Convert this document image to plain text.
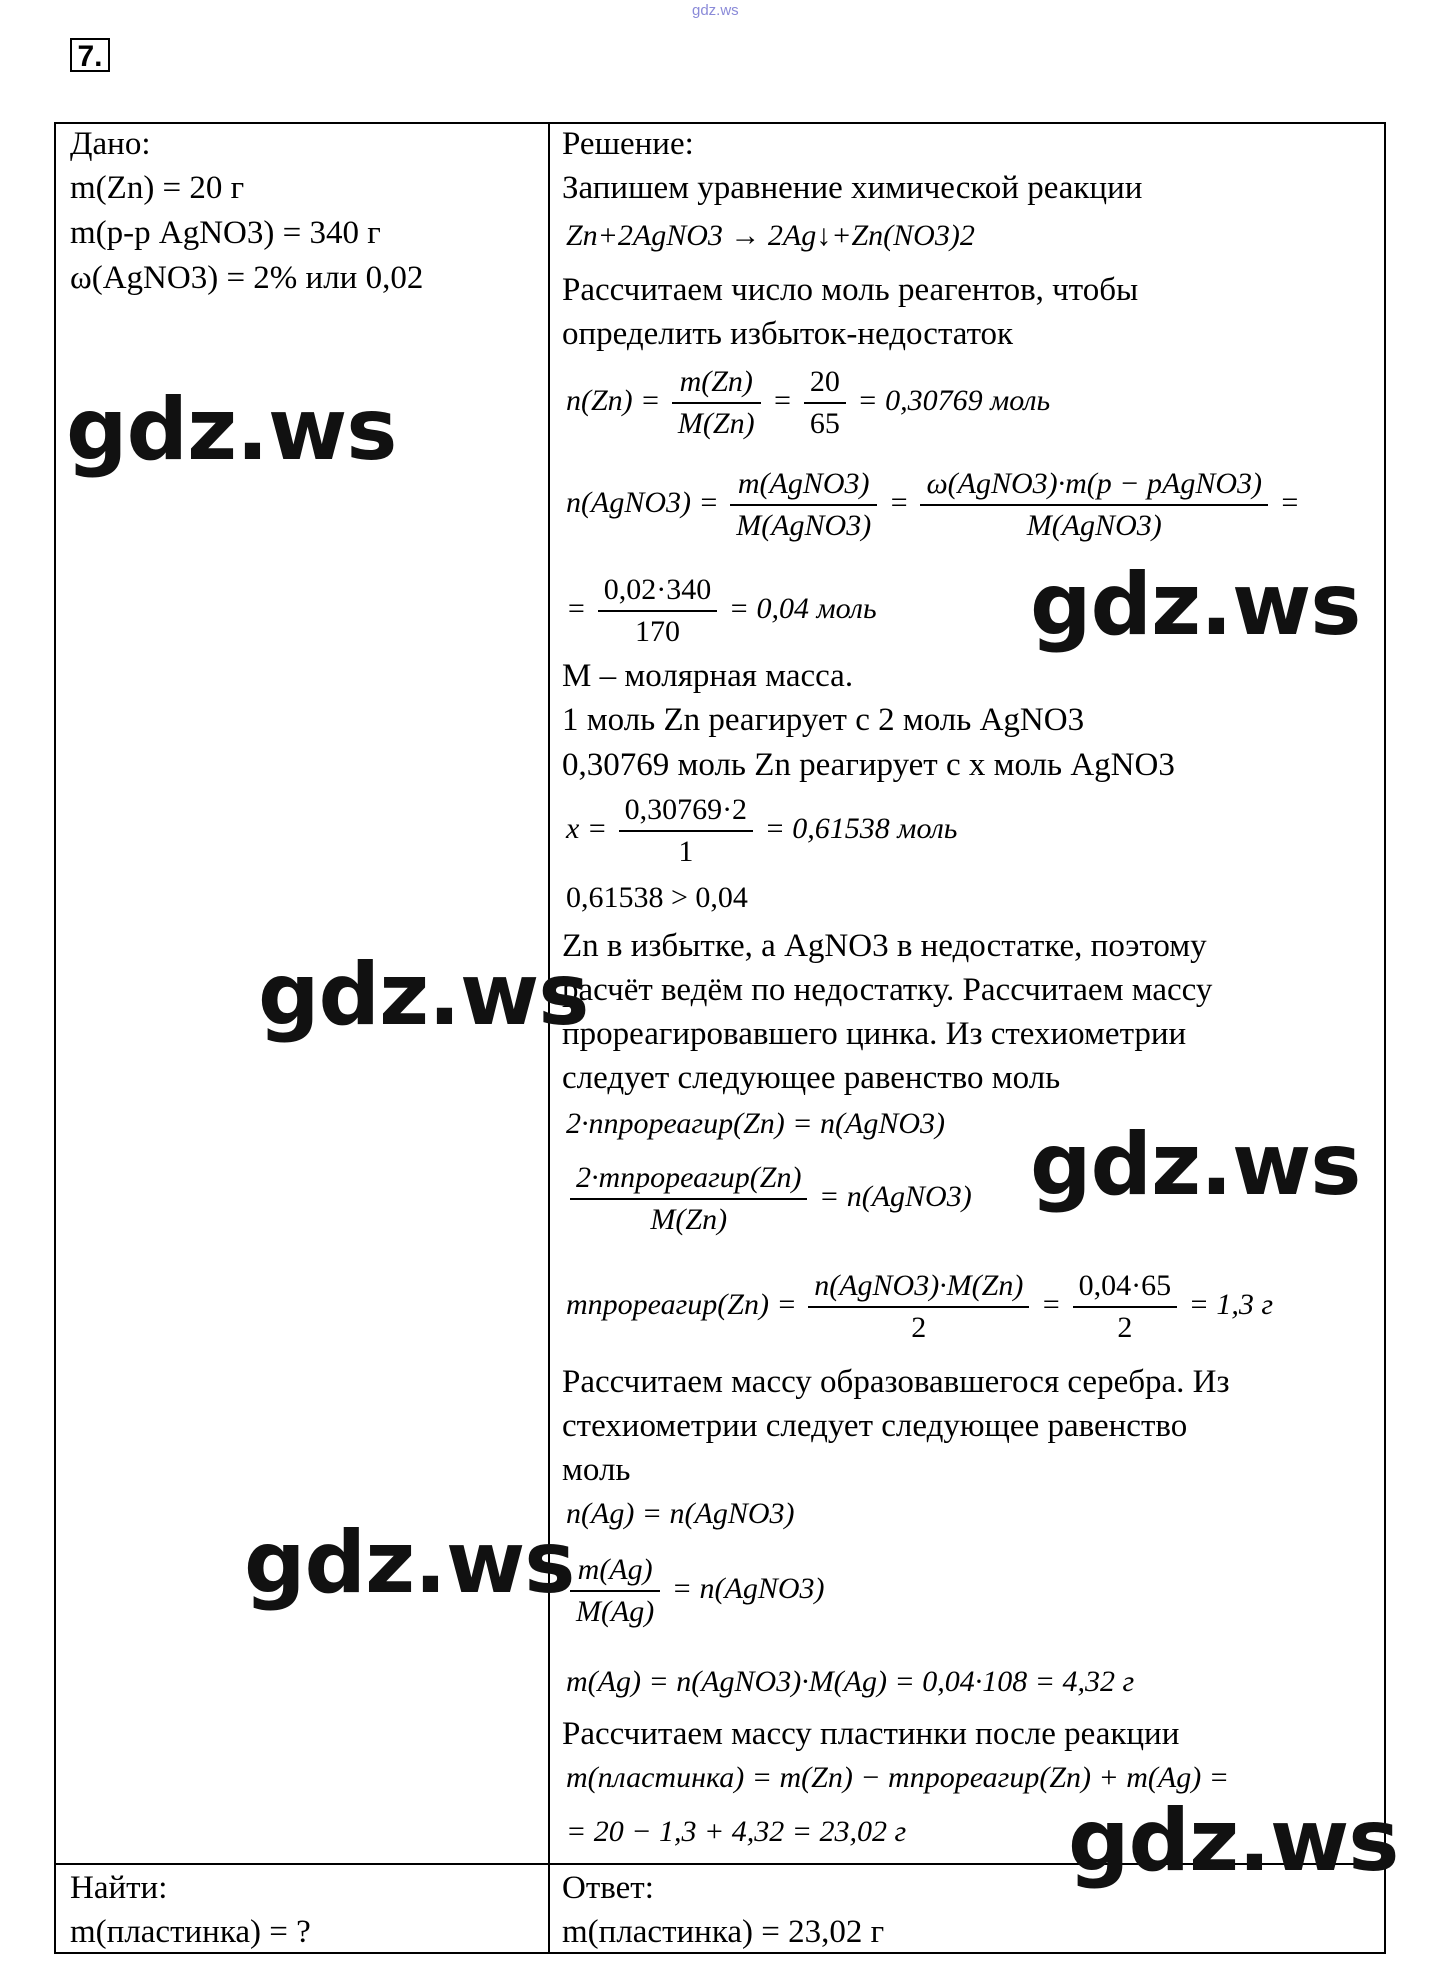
gdz.ws
7.
Дано:
m(Zn) = 20 г
m(р-р AgNO3) = 340 г
ω(AgNO3) = 2% или 0,02
Найти:
m(пластинка) = ?
Решение:
Запишем уравнение химической реакции
Zn+2AgNO3 → 2Ag↓+Zn(NO3)2
Рассчитаем число моль реагентов, чтобы
определить избыток-недостаток
$n(Zn) = \frac{m(Zn)}{M(Zn)} = \frac{20}{65} = 0,30769$ моль
n(AgNO3) =
m(AgNO3)
M(AgNO3)
=
ω(AgNO3)·m(p − pAgNO3)
M(AgNO3)
=
= $\frac{0,02\cdot 340}{170} = 0,04$ моль
M – молярная масса.
1 моль Zn реагирует с 2 моль AgNO3
0,30769 моль Zn реагирует с x моль AgNO3
$x = \frac{0,30769\cdot 2}{1} = 0,61538$ моль
0,61538 > 0,04
Zn в избытке, а AgNO3 в недостатке, поэтому
расчёт ведём по недостатку. Рассчитаем массу
прореагировавшего цинка. Из стехиометрии
следует следующее равенство моль
2·nпрореагир(Zn) = n(AgNO3)
2·mпрореагир(Zn)
M(Zn)
= n(AgNO3)
mпрореагир(Zn) =
n(AgNO3)·M(Zn)
2
= $\frac{0,04\cdot 65}{2} = 1,3$ г
Рассчитаем массу образовавшегося серебра. Из
стехиометрии следует следующее равенство
моль
n(Ag) = n(AgNO3)
$\frac{m(Ag)}{M(Ag)}$ = n(AgNO3)
m(Ag) = n(AgNO3)·M(Ag) = 0,04·108 = 4,32 г
Рассчитаем массу пластинки после реакции
m(пластинка) = m(Zn) − mпрореагир(Zn) + m(Ag) =
= 20 − 1,3 + 4,32 = 23,02 г
Ответ:
m(пластинка) = 23,02 г
gdz.ws
gdz.ws
gdz.ws
gdz.ws
gdz.ws
gdz.ws
